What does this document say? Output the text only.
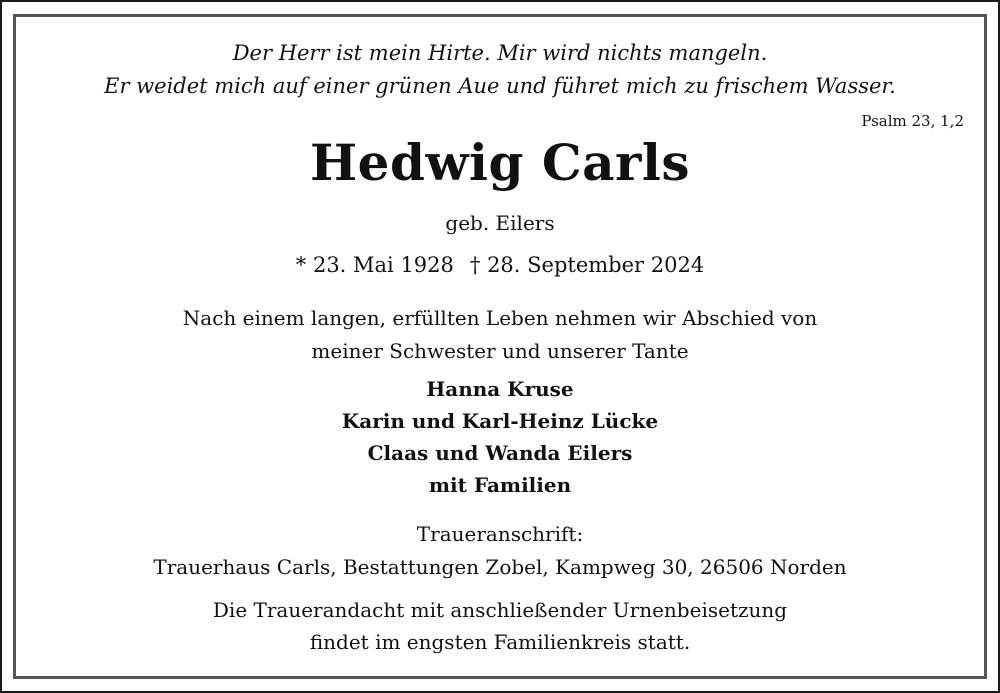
Der Herr ist mein Hirte. Mir wird nichts mangeln.
Er weidet mich auf einer grünen Aue und führet mich zu frischem Wasser.
Psalm 23, 1,2
Hedwig Carls
geb. Eilers
* 23. Mai 1928 † 28. September 2024
Nach einem langen, erfüllten Leben nehmen wir Abschied von
meiner Schwester und unserer Tante
Hanna Kruse
Karin und Karl-Heinz Lücke
Claas und Wanda Eilers
mit Familien
Traueranschrift:
Trauerhaus Carls, Bestattungen Zobel, Kampweg 30, 26506 Norden
Die Trauerandacht mit anschließender Urnenbeisetzung
findet im engsten Familienkreis statt.
